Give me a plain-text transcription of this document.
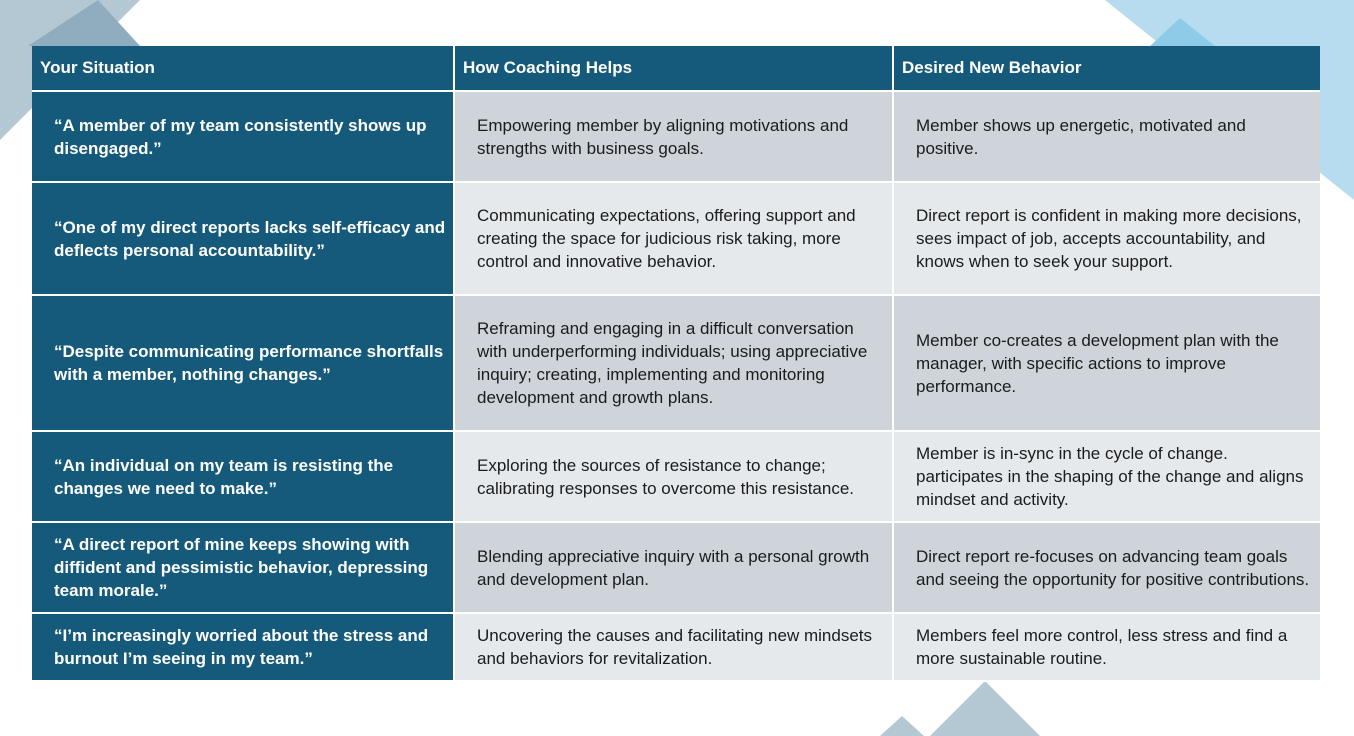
Your Situation	How Coaching Helps	Desired New Behavior
“A member of my team consistently shows up disengaged.”	Empowering member by aligning motivations and strengths with business goals.	Member shows up energetic, motivated and positive.
“One of my direct reports lacks self-efficacy and deflects personal accountability.”	Communicating expectations, offering support and creating the space for judicious risk taking, more control and innovative behavior.	Direct report is confident in making more decisions, sees impact of job, accepts accountability, and knows when to seek your support.
“Despite communicating performance shortfalls with a member, nothing changes.”	Reframing and engaging in a difficult conversation with underperforming individuals; using appreciative inquiry; creating, implementing and monitoring development and growth plans.	Member co-creates a development plan with the manager, with specific actions to improve performance.
“An individual on my team is resisting the changes we need to make.”	Exploring the sources of resistance to change; calibrating responses to overcome this resistance.	Member is in-sync in the cycle of change. participates in the shaping of the change and aligns mindset and activity.
“A direct report of mine keeps showing with diffident and pessimistic behavior, depressing team morale.”	Blending appreciative inquiry with a personal growth and development plan.	Direct report re-focuses on advancing team goals and seeing the opportunity for positive contributions.
“I’m increasingly worried about the stress and burnout I’m seeing in my team.”	Uncovering the causes and facilitating new mindsets and behaviors for revitalization.	Members feel more control, less stress and find a more sustainable routine.
